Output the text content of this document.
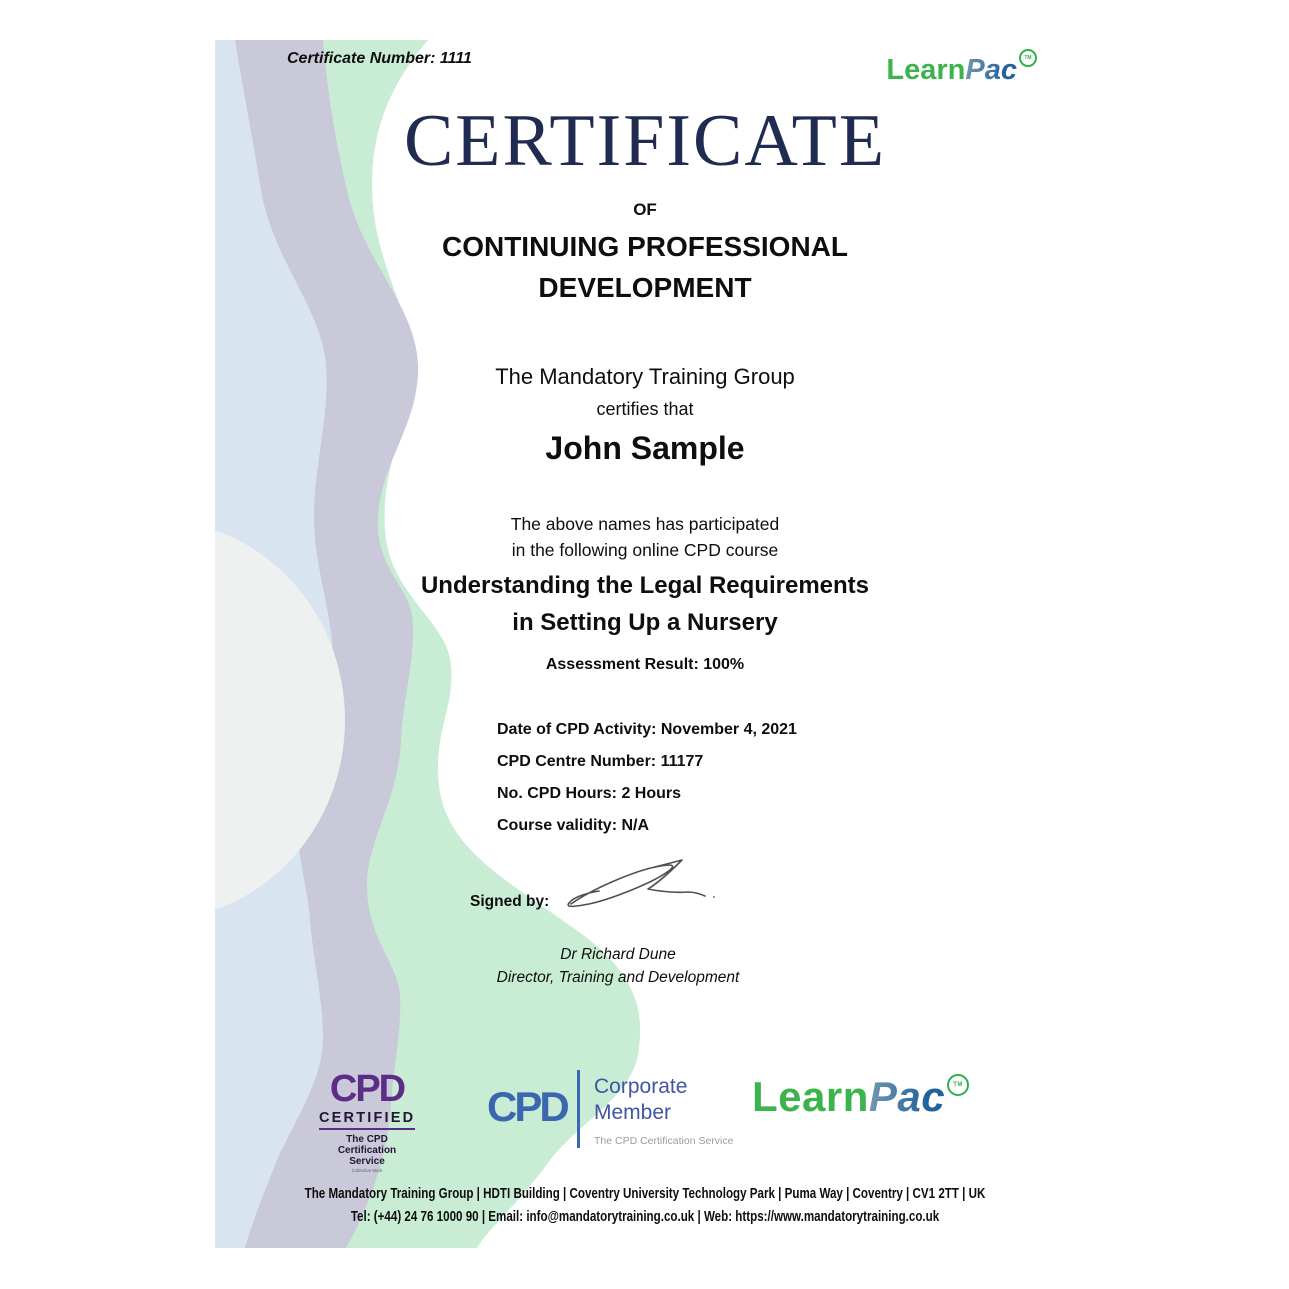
Certificate Number: 1111	LearnPac TM
CERTIFICATE
OF
CONTINUING PROFESSIONAL
DEVELOPMENT
The Mandatory Training Group
certifies that
John Sample
The above names has participated
in the following online CPD course
Understanding the Legal Requirements
in Setting Up a Nursery
Assessment Result: 100%
Date of CPD Activity: November 4, 2021
CPD Centre Number: 11177
No. CPD Hours: 2 Hours
Course validity: N/A
Signed by:
Dr Richard Dune
Director, Training and Development
CPD
CERTIFIED
The CPD Certification
Service
Collective Mark
CPD Corporate
Member
The CPD Certification Service
LearnPac TM
The Mandatory Training Group | HDTI Building | Coventry University Technology Park | Puma Way | Coventry | CV1 2TT | UK
Tel: (+44) 24 76 1000 90 | Email: info@mandatorytraining.co.uk | Web: https://www.mandatorytraining.co.uk
